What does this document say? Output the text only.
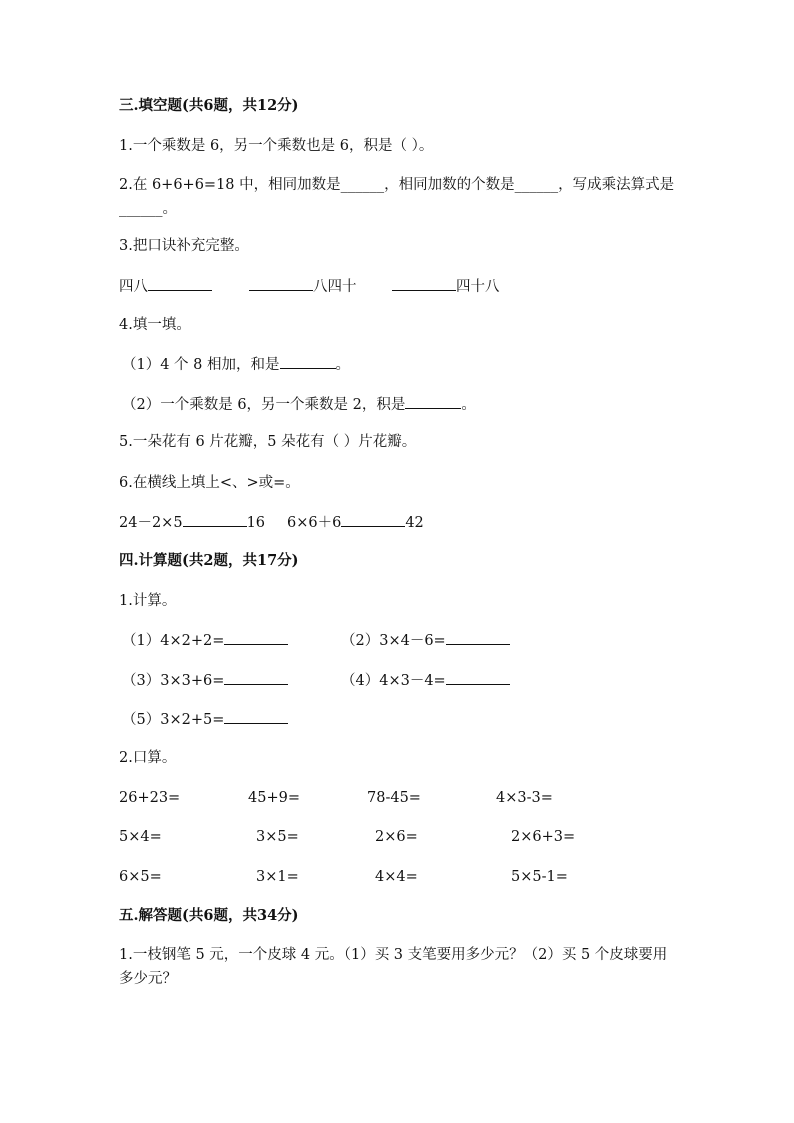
三.填空题(共6题，共12分)
1.一个乘数是 6，另一个乘数也是 6，积是（ ）。
2.在 6+6+6=18 中，相同加数是______，相同加数的个数是______，写成乘法算式是______。
3.把口诀补充完整。
四八	八四十	四十八
4.填一填。
（1）4 个 8 相加，和是	。
（2）一个乘数是 6，另一个乘数是 2，积是	。
5.一朵花有 6 片花瓣，5 朵花有（ ）片花瓣。
6.在横线上填上<、>或=。
24－2×5	16 6×6＋6	42
四.计算题(共2题，共17分)
1.计算。
（1）4×2+2=	（2）3×4－6=
（3）3×3+6=	（4）4×3－4=
（5）3×2+5=
2.口算。
26+23=	45+9=	78-45=	4×3-3=
5×4=	3×5=	2×6=	2×6+3=
6×5=	3×1=	4×4=	5×5-1=
五.解答题(共6题，共34分)
1.一枝钢笔 5 元，一个皮球 4 元。（1）买 3 支笔要用多少元？（2）买 5 个皮球要用多少元？
